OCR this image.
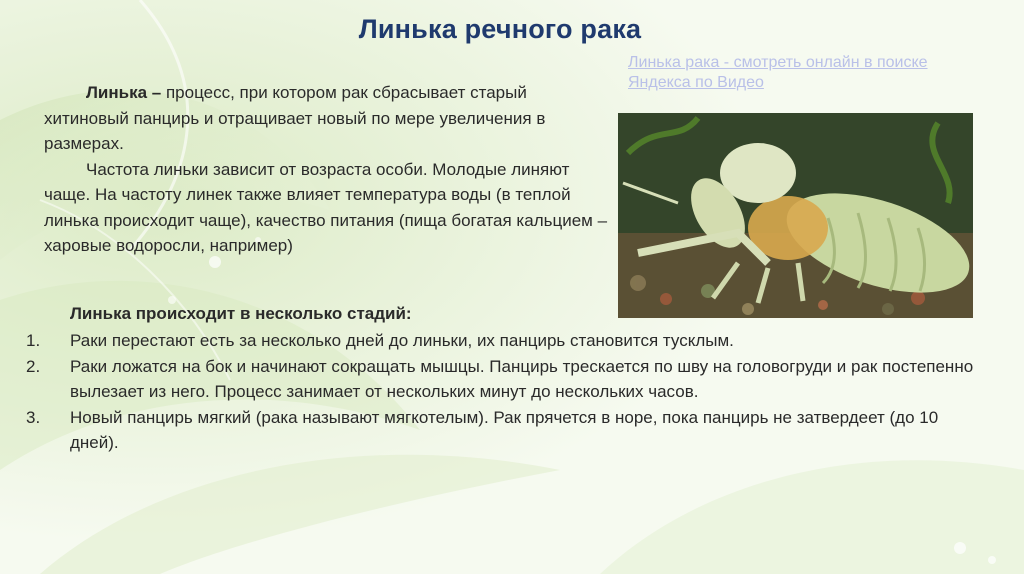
Линька речного рака
Линька рака - смотреть онлайн в поиске Яндекса по Видео

Линька – процесс, при котором рак сбрасывает старый хитиновый панцирь и отращивает новый по мере увеличения в размерах.

Частота линьки зависит от возраста особи. Молодые линяют чаще. На частоту линек также влияет температура воды (в теплой линька происходит чаще), качество питания (пища богатая кальцием – харовые водоросли, например)

Линька происходит в несколько стадий:
1. Раки перестают есть за несколько дней до линьки, их панцирь становится тусклым.
2. Раки ложатся на бок и начинают сокращать мышцы. Панцирь трескается по шву на головогруди и рак постепенно вылезает из него. Процесс занимает от нескольких минут до нескольких часов.
3. Новый панцирь мягкий (рака называют мягкотелым). Рак прячется в норе, пока панцирь не затвердеет (до 10 дней).
